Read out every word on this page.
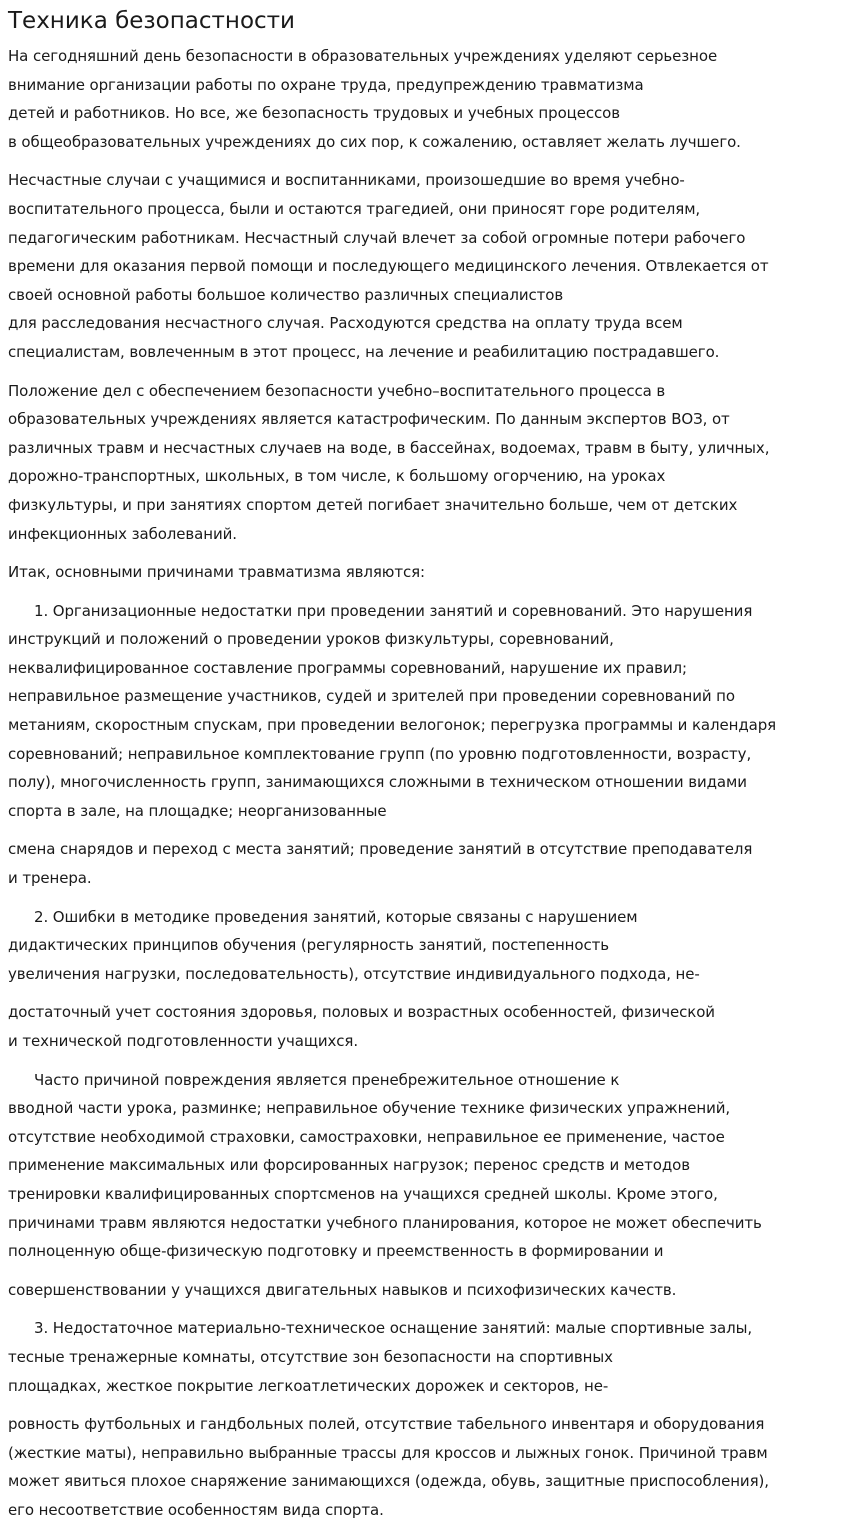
Техника безопастности

На сегодняшний день безопасности в образовательных учреждениях уделяют серьезное
внимание организации работы по охране труда, предупреждению травматизма
детей и работников. Но все, же безопасность трудовых и учебных процессов
в общеобразовательных учреждениях до сих пор, к сожалению, оставляет желать лучшего.

Несчастные случаи с учащимися и воспитанниками, произошедшие во время учебно-
воспитательного процесса, были и остаются трагедией, они приносят горе родителям,
педагогическим работникам. Несчастный случай влечет за собой огромные потери рабочего
времени для оказания первой помощи и последующего медицинского лечения. Отвлекается от
своей основной работы большое количество различных специалистов
для расследования несчастного случая. Расходуются средства на оплату труда всем
специалистам, вовлеченным в этот процесс, на лечение и реабилитацию пострадавшего.

Положение дел с обеспечением безопасности учебно–воспитательного процесса в
образовательных учреждениях является катастрофическим. По данным экспертов ВОЗ, от
различных травм и несчастных случаев на воде, в бассейнах, водоемах, травм в быту, уличных,
дорожно-транспортных, школьных, в том числе, к большому огорчению, на уроках
физкультуры, и при занятиях спортом детей погибает значительно больше, чем от детских
инфекционных заболеваний.

Итак, основными причинами травматизма являются:

1. Организационные недостатки при проведении занятий и соревнований. Это нарушения
инструкций и положений о проведении уроков физкультуры, соревнований,
неквалифицированное составление программы соревнований, нарушение их правил;
неправильное размещение участников, судей и зрителей при проведении соревнований по
метаниям, скоростным спускам, при проведении велогонок; перегрузка программы и календаря
соревнований; неправильное комплектование групп (по уровню подготовленности, возрасту,
полу), многочисленность групп, занимающихся сложными в техническом отношении видами
спорта в зале, на площадке; неорганизованные

смена снарядов и переход с места занятий; проведение занятий в отсутствие преподавателя
и тренера.

2. Ошибки в методике проведения занятий, которые связаны с нарушением
дидактических принципов обучения (регулярность занятий, постепенность
увеличения нагрузки, последовательность), отсутствие индивидуального подхода, не-

достаточный учет состояния здоровья, половых и возрастных особенностей, физической
и технической подготовленности учащихся.

Часто причиной повреждения является пренебрежительное отношение к
вводной части урока, разминке; неправильное обучение технике физических упражнений,
отсутствие необходимой страховки, самостраховки, неправильное ее применение, частое
применение максимальных или форсированных нагрузок; перенос средств и методов
тренировки квалифицированных спортсменов на учащихся средней школы. Кроме этого,
причинами травм являются недостатки учебного планирования, которое не может обеспечить
полноценную обще-физическую подготовку и преемственность в формировании и

совершенствовании у учащихся двигательных навыков и психофизических качеств.

3. Недостаточное материально-техническое оснащение занятий: малые спортивные залы,
тесные тренажерные комнаты, отсутствие зон безопасности на спортивных
площадках, жесткое покрытие легкоатлетических дорожек и секторов, не-

ровность футбольных и гандбольных полей, отсутствие табельного инвентаря и оборудования
(жесткие маты), неправильно выбранные трассы для кроссов и лыжных гонок. Причиной травм
может явиться плохое снаряжение занимающихся (одежда, обувь, защитные приспособления),
его несоответствие особенностям вида спорта.
